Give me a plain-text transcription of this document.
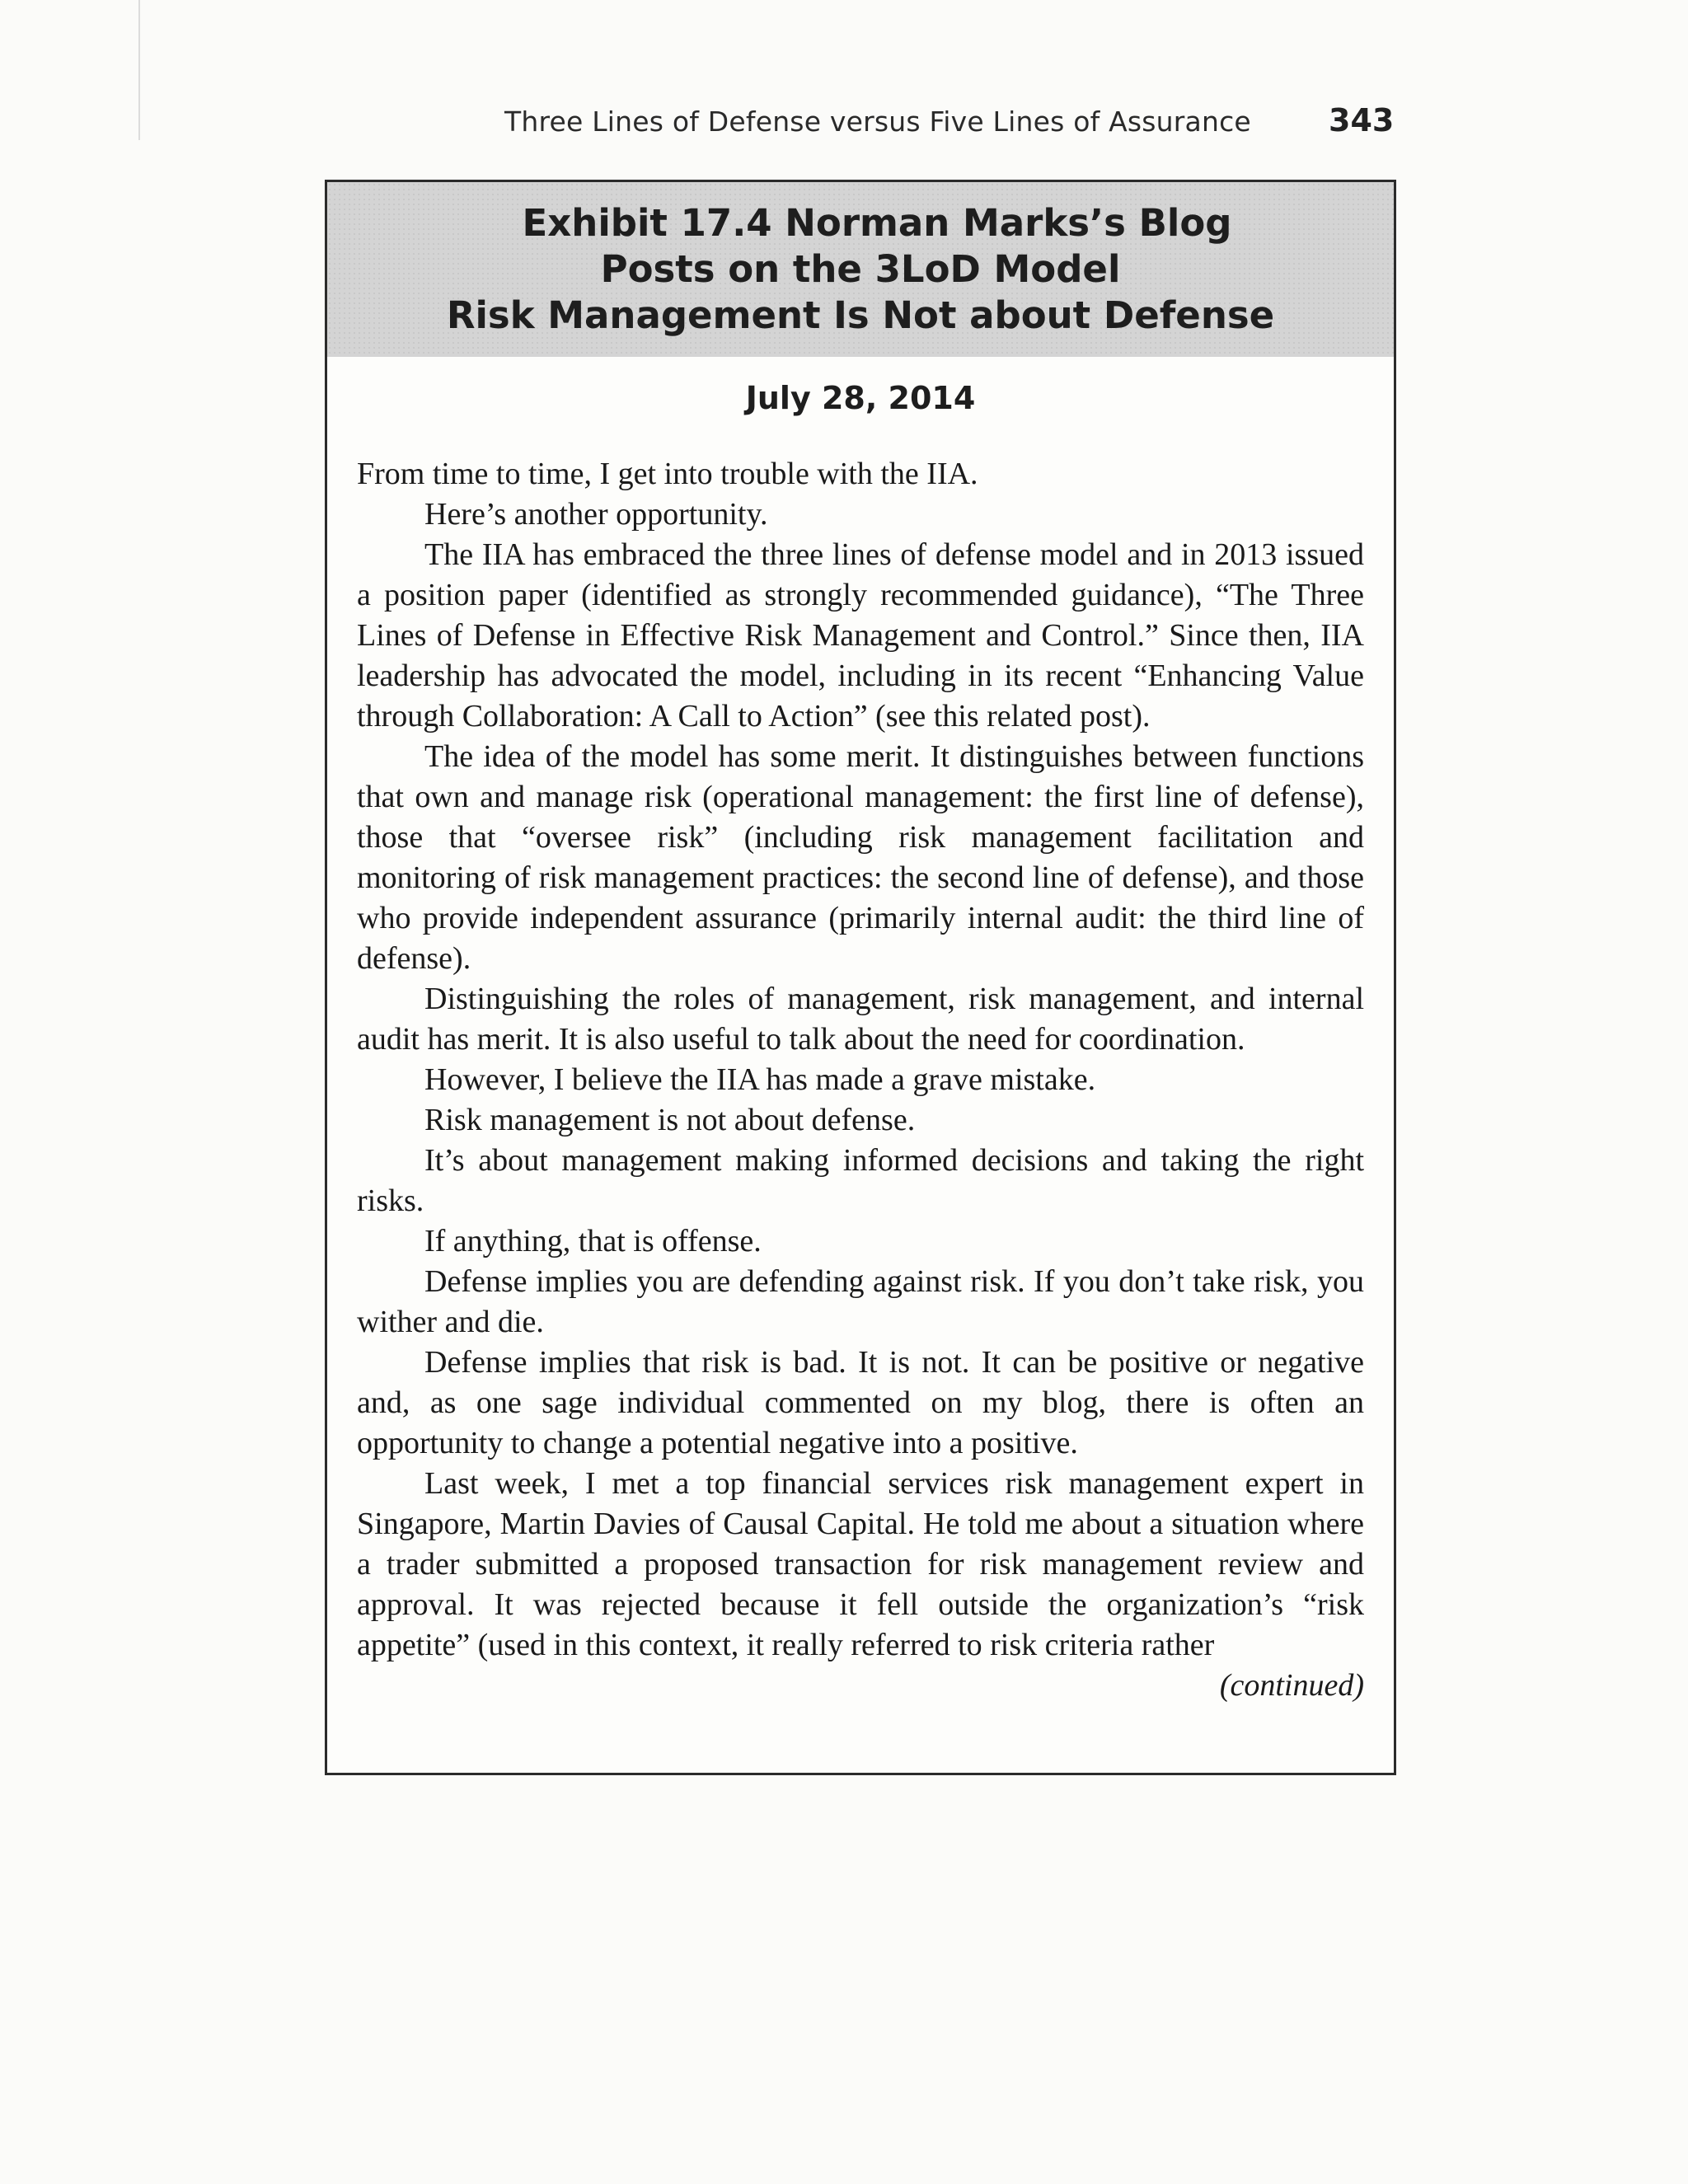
Three Lines of Defense versus Five Lines of Assurance 343
Exhibit 17.4 Norman Marks’s Blog
Posts on the 3LoD Model
Risk Management Is Not about Defense
July 28, 2014

From time to time, I get into trouble with the IIA.

Here’s another opportunity.

The IIA has embraced the three lines of defense model and in 2013 issued a position paper (identified as strongly recommended guidance), “The Three Lines of Defense in Effective Risk Management and Control.” Since then, IIA leadership has advocated the model, including in its recent “Enhancing Value through Collaboration: A Call to Action” (see this related post).

The idea of the model has some merit. It distinguishes between functions that own and manage risk (operational management: the first line of defense), those that “oversee risk” (including risk management facilitation and monitoring of risk management practices: the second line of defense), and those who provide independent assurance (primarily internal audit: the third line of defense).

Distinguishing the roles of management, risk management, and internal audit has merit. It is also useful to talk about the need for coordination.

However, I believe the IIA has made a grave mistake.

Risk management is not about defense.

It’s about management making informed decisions and taking the right risks.

If anything, that is offense.

Defense implies you are defending against risk. If you don’t take risk, you wither and die.

Defense implies that risk is bad. It is not. It can be positive or negative and, as one sage individual commented on my blog, there is often an opportunity to change a potential negative into a positive.

Last week, I met a top financial services risk management expert in Singapore, Martin Davies of Causal Capital. He told me about a situation where a trader submitted a proposed transaction for risk management review and approval. It was rejected because it fell outside the organization’s “risk appetite” (used in this context, it really referred to risk criteria rather

(continued)
